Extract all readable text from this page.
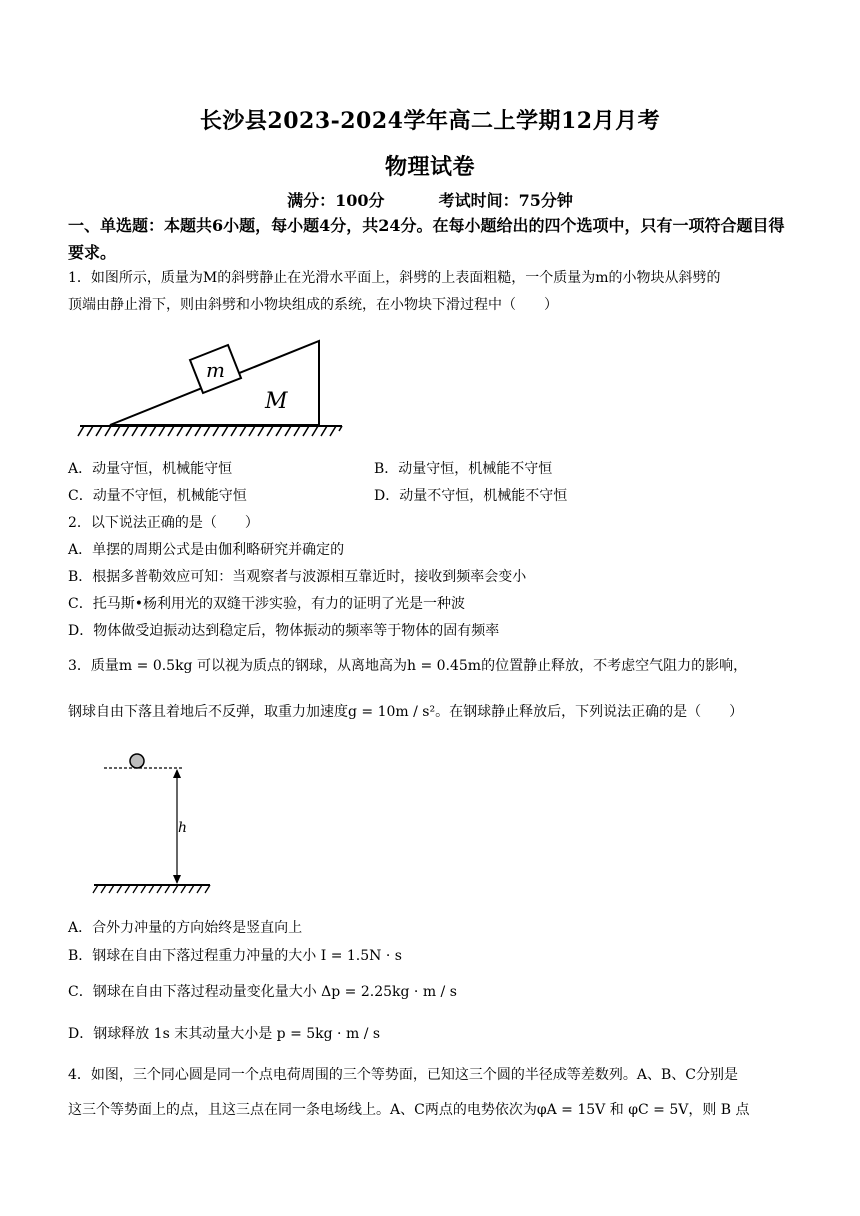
长沙县2023-2024学年高二上学期12月月考
物理试卷
满分：100分	考试时间：75分钟
一、单选题：本题共6小题，每小题4分，共24分。在每小题给出的四个选项中，只有一项符合题目得要求。
1．如图所示，质量为M的斜劈静止在光滑水平面上，斜劈的上表面粗糙，一个质量为m的小物块从斜劈的
顶端由静止滑下，则由斜劈和小物块组成的系统，在小物块下滑过程中（　　）
m
M
A．动量守恒，机械能守恒	B．动量守恒，机械能不守恒
C．动量不守恒，机械能守恒	D．动量不守恒，机械能不守恒
2．以下说法正确的是（　　）
A．单摆的周期公式是由伽利略研究并确定的
B．根据多普勒效应可知：当观察者与波源相互靠近时，接收到频率会变小
C．托马斯•杨利用光的双缝干涉实验，有力的证明了光是一种波
D．物体做受迫振动达到稳定后，物体振动的频率等于物体的固有频率
3．质量m = 0.5kg 可以视为质点的钢球，从离地高为h = 0.45m的位置静止释放，不考虑空气阻力的影响，
钢球自由下落且着地后不反弹，取重力加速度g = 10m / s²。在钢球静止释放后，下列说法正确的是（　　）
h
A．合外力冲量的方向始终是竖直向上
B．钢球在自由下落过程重力冲量的大小 I = 1.5N · s
C．钢球在自由下落过程动量变化量大小 Δp = 2.25kg · m / s
D．钢球释放 1s 末其动量大小是 p = 5kg · m / s
4．如图，三个同心圆是同一个点电荷周围的三个等势面，已知这三个圆的半径成等差数列。A、B、C分别是
这三个等势面上的点，且这三点在同一条电场线上。A、C两点的电势依次为φA = 15V 和 φC = 5V，则 B 点
